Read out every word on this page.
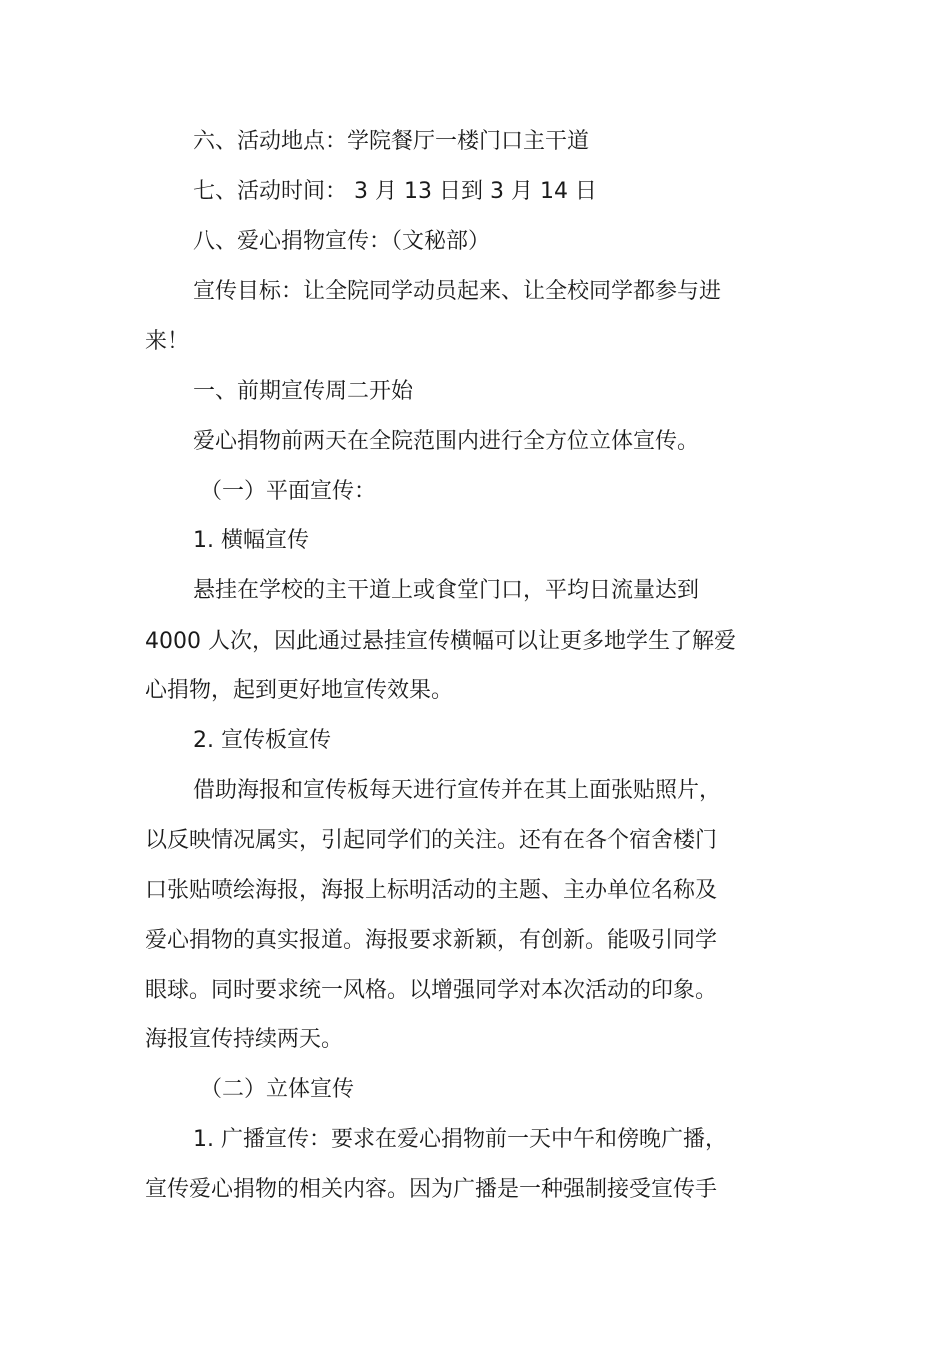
六、活动地点：学院餐厅一楼门口主干道
七、活动时间： 3 月 13 日到 3 月 14 日
八、爱心捐物宣传：（文秘部）
宣传目标：让全院同学动员起来、让全校同学都参与进
来！
一、前期宣传周二开始
爱心捐物前两天在全院范围内进行全方位立体宣传。
（一）平面宣传：
1. 横幅宣传
悬挂在学校的主干道上或食堂门口，平均日流量达到
4000 人次，因此通过悬挂宣传横幅可以让更多地学生了解爱
心捐物，起到更好地宣传效果。
2. 宣传板宣传
借助海报和宣传板每天进行宣传并在其上面张贴照片，
以反映情况属实，引起同学们的关注。还有在各个宿舍楼门
口张贴喷绘海报，海报上标明活动的主题、主办单位名称及
爱心捐物的真实报道。海报要求新颖，有创新。能吸引同学
眼球。同时要求统一风格。以增强同学对本次活动的印象。
海报宣传持续两天。
（二）立体宣传
1. 广播宣传：要求在爱心捐物前一天中午和傍晚广播，
宣传爱心捐物的相关内容。因为广播是一种强制接受宣传手
